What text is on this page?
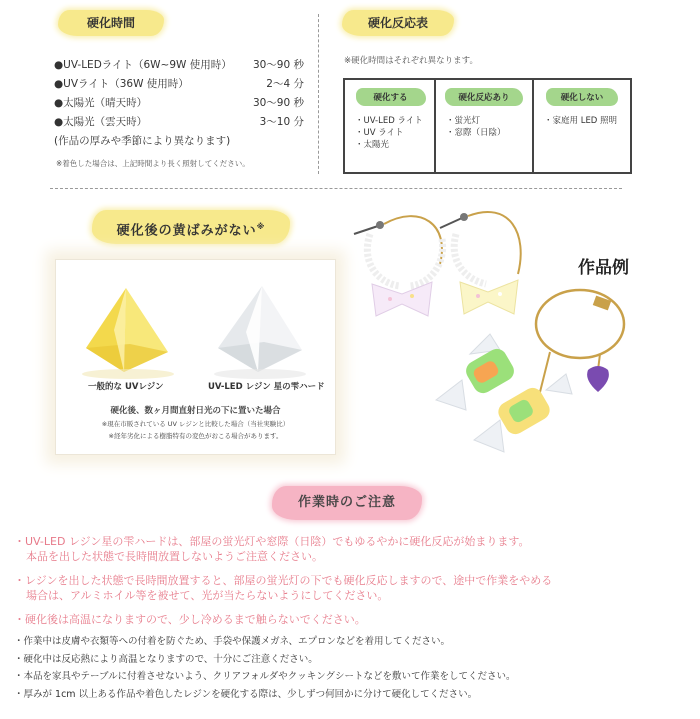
硬化時間
●UV-LEDライト（6W~9W 使用時） 30～90 秒
●UVライト（36W 使用時）	2～4 分
●太陽光（晴天時）	30～90 秒
●太陽光（雲天時）	3～10 分
(作品の厚みや季節により異なります)
※着色した場合は、上記時間より長く照射してください。
硬化反応表
※硬化時間はそれぞれ異なります。
硬化する
・UV-LED ライト
・UV ライト
・太陽光
硬化反応あり
・蛍光灯
・窓際（日陰）
硬化しない
・家庭用 LED 照明
硬化後の黄ばみがない※
一般的な UVレジン	UV-LED レジン 星の雫ハード
硬化後、数ヶ月間直射日光の下に置いた場合
※現在市販されている UV レジンと比較した場合（当社実験比）
※経年劣化による樹脂特有の変色がおこる場合があります。
作品例
作業時のご注意
・UV-LED レジン星の雫ハードは、部屋の蛍光灯や窓際（日陰）でもゆるやかに硬化反応が始まります。
本品を出した状態で長時間放置しないようご注意ください。
・レジンを出した状態で長時間放置すると、部屋の蛍光灯の下でも硬化反応しますので、途中で作業をやめる
場合は、アルミホイル等を被せて、光が当たらないようにしてください。
・硬化後は高温になりますので、少し冷めるまで触らないでください。
・作業中は皮膚や衣類等への付着を防ぐため、手袋や保護メガネ、エプロンなどを着用してください。
・硬化中は反応熱により高温となりますので、十分にご注意ください。
・本品を家具やテーブルに付着させないよう、クリアフォルダやクッキングシートなどを敷いて作業をしてください。
・厚みが 1cm 以上ある作品や着色したレジンを硬化する際は、少しずつ何回かに分けて硬化してください。
